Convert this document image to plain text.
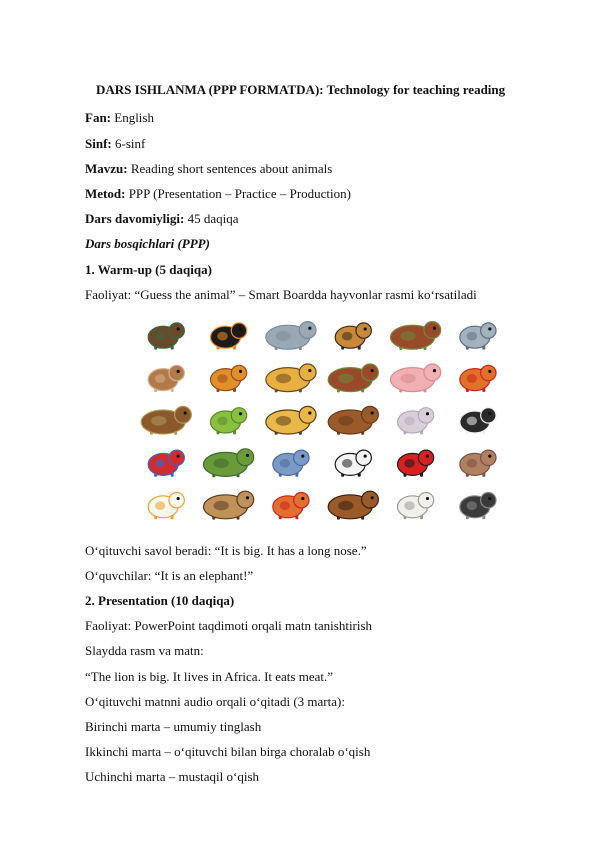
DARS ISHLANMA (PPP FORMATDA): Technology for teaching reading
Fan: English
Sinf: 6-sinf
Mavzu: Reading short sentences about animals
Metod: PPP (Presentation – Practice – Production)
Dars davomiyligi: 45 daqiqa
Dars bosqichlari (PPP)
1. Warm-up (5 daqiqa)
Faoliyat: “Guess the animal” – Smart Boardda hayvonlar rasmi koʻrsatiladi
Oʻqituvchi savol beradi: “It is big. It has a long nose.”
Oʻquvchilar: “It is an elephant!”
2. Presentation (10 daqiqa)
Faoliyat: PowerPoint taqdimoti orqali matn tanishtirish
Slaydda rasm va matn:
“The lion is big. It lives in Africa. It eats meat.”
Oʻqituvchi matnni audio orqali oʻqitadi (3 marta):
Birinchi marta – umumiy tinglash
Ikkinchi marta – oʻqituvchi bilan birga choralab oʻqish
Uchinchi marta – mustaqil oʻqish
